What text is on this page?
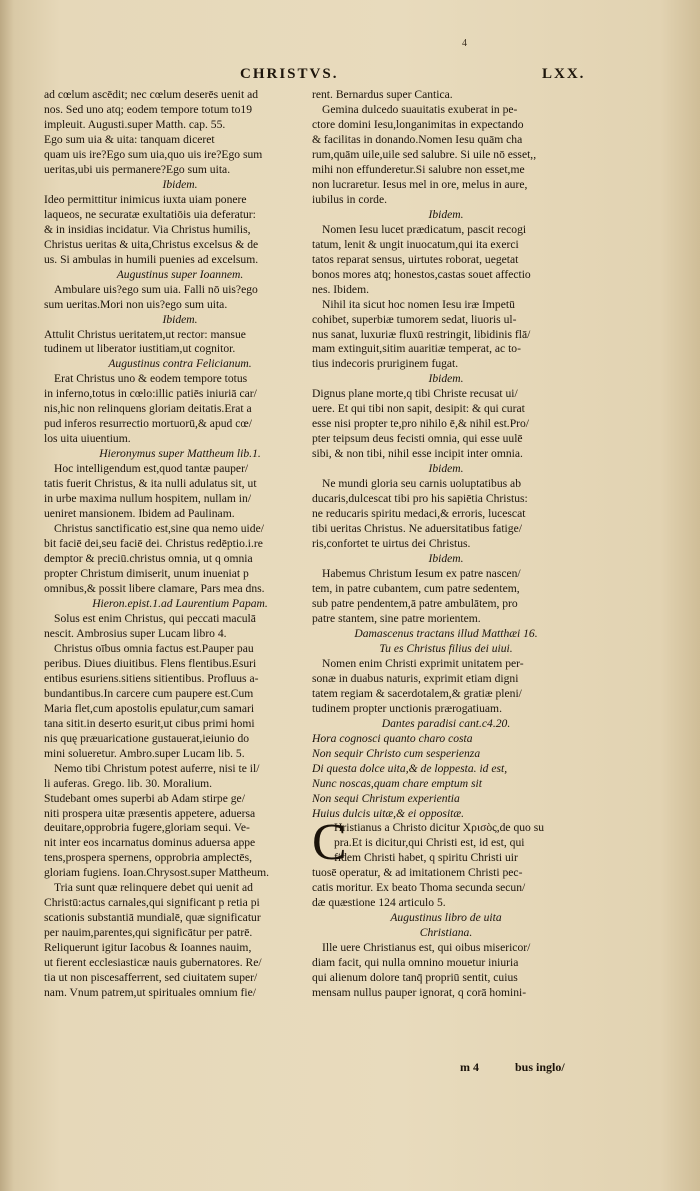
4
CHRISTVS.	LXX.
ad cœlum ascēdit; nec cœlum deserēs uenit ad
nos. Sed uno atq; eodem tempore totum to19
impleuit. Augusti.super Matth. cap. 55.
Ego sum uia & uita: tanquam diceret
quam uis ire?Ego sum uia,quo uis ire?Ego sum
ueritas,ubi uis permanere?Ego sum uita.
Ibidem.
Ideo permittitur inimicus iuxta uiam ponere
laqueos, ne securatæ exultatiōis uia deferatur:
& in insidias incidatur. Via Christus humilis,
Christus ueritas & uita,Christus excelsus & de
us. Si ambulas in humili puenies ad excelsum.
Augustinus super Ioannem.
Ambulare uis?ego sum uia. Falli nō uis?ego
sum ueritas.Mori non uis?ego sum uita.
Ibidem.
Attulit Christus ueritatem,ut rector: mansue
tudinem ut liberator iustitiam,ut cognitor.
Augustinus contra Felicianum.
Erat Christus uno & eodem tempore totus
in inferno,totus in cœlo:illic patiēs iniuriā car/
nis,hic non relinquens gloriam deitatis.Erat a
pud inferos resurrectio mortuorū,& apud cœ/
los uita uiuentium.
Hieronymus super Mattheum lib.1.
Hoc intelligendum est,quod tantæ pauper/
tatis fuerit Christus, & ita nulli adulatus sit, ut
in urbe maxima nullum hospitem, nullam in/
ueniret mansionem. Ibidem ad Paulinam.
Christus sanctificatio est,sine qua nemo uide/
bit faciē dei,seu faciē dei. Christus redēptio.i.re
demptor & preciū.christus omnia, ut q omnia
propter Christum dimiserit, unum inueniat p
omnibus,& possit libere clamare, Pars mea dns.
Hieron.epist.1.ad Laurentium Papam.
Solus est enim Christus, qui peccati maculā
nescit. Ambrosius super Lucam libro 4.
Christus oībus omnia factus est.Pauper pau
peribus. Diues diuitibus. Flens flentibus.Esuri
entibus esuriens.sitiens sitientibus. Profluus a-
bundantibus.In carcere cum paupere est.Cum
Maria flet,cum apostolis epulatur,cum samari
tana sitit.in deserto esurit,ut cibus primi homi
nis quę præuaricatione gustauerat,ieiunio do
mini solueretur. Ambro.super Lucam lib. 5.
Nemo tibi Christum potest auferre, nisi te il/
li auferas. Grego. lib. 30. Moralium.
Studebant omes superbi ab Adam stirpe ge/
niti prospera uitæ præsentis appetere, aduersa
deuitare,opprobria fugere,gloriam sequi. Ve-
nit inter eos incarnatus dominus aduersa appe
tens,prospera spernens, opprobria amplectēs,
gloriam fugiens. Ioan.Chrysost.super Mattheum.
Tria sunt quæ relinquere debet qui uenit ad
Christū:actus carnales,qui significant p retia pi
scationis substantiā mundialē, quæ significatur
per nauim,parentes,qui significātur per patrē.
Reliquerunt igitur Iacobus & Ioannes nauim,
ut fierent ecclesiasticæ nauis gubernatores. Re/
tia ut non piscesafferrent, sed ciuitatem super/
nam. Vnum patrem,ut spirituales omnium fie/
rent. Bernardus super Cantica.
Gemina dulcedo suauitatis exuberat in pe-
ctore domini Iesu,longanimitas in expectando
& facilitas in donando.Nomen Iesu quām cha
rum,quām uile,uile sed salubre. Si uile nō esset,,
mihi non effunderetur.Si salubre non esset,me
non lucraretur. Iesus mel in ore, melus in aure,
iubilus in corde.
Ibidem.
Nomen Iesu lucet prædicatum, pascit recogi
tatum, lenit & ungit inuocatum,qui ita exerci
tatos reparat sensus, uirtutes roborat, uegetat
bonos mores atq; honestos,castas souet affectio
nes. Ibidem.
Nihil ita sicut hoc nomen Iesu iræ Impetū
cohibet, superbiæ tumorem sedat, liuoris ul-
nus sanat, luxuriæ fluxū restringit, libidinis flā/
mam extinguit,sitim auaritiæ temperat, ac to-
tius indecoris pruriginem fugat.
Ibidem.
Dignus plane morte,q tibi Christe recusat ui/
uere. Et qui tibi non sapit, desipit: & qui curat
esse nisi propter te,pro nihilo ē,& nihil est.Pro/
pter teipsum deus fecisti omnia, qui esse uulē
sibi, & non tibi, nihil esse incipit inter omnia.
Ibidem.
Ne mundi gloria seu carnis uoluptatibus ab
ducaris,dulcescat tibi pro his sapiētia Christus:
ne reducaris spiritu medaci,& erroris, lucescat
tibi ueritas Christus. Ne aduersitatibus fatige/
ris,confortet te uirtus dei Christus.
Ibidem.
Habemus Christum Iesum ex patre nascen/
tem, in patre cubantem, cum patre sedentem,
sub patre pendentem,ā patre ambulātem, pro
patre stantem, sine patre morientem.
Damascenus tractans illud Matthæi 16.
Tu es Christus filius dei uiui.
Nomen enim Christi exprimit unitatem per-
sonæ in duabus naturis, exprimit etiam digni
tatem regiam & sacerdotalem,& gratiæ pleni/
tudinem propter unctionis prærogatiuam.
Dantes paradisi cant.c4.20.
Hora cognosci quanto charo costa
Non sequir Christo cum sesperienza
Di questa dolce uita,& de loppesta. id est,
Nunc noscas,quam chare emptum sit
Non sequi Christum experientia
Huius dulcis uitæ,& ei oppositæ.
Hristianus a Christo dicitur Χρισὸς,de quo su
pra.Et is dicitur,qui Christi est, id est, qui
fidem Christi habet, q spiritu Christi uir
tuosē operatur, & ad imitationem Christi pec-
catis moritur. Ex beato Thoma secunda secun/
dæ quæstione 124 articulo 5.
Augustinus libro de uita
Christiana.
Ille uere Christianus est, qui oibus misericor/
diam facit, qui nulla omnino mouetur iniuria
qui alienum dolore tanq̄ propriū sentit, cuius
mensam nullus pauper ignorat, q corā homini-
C
m 4	bus inglo/
